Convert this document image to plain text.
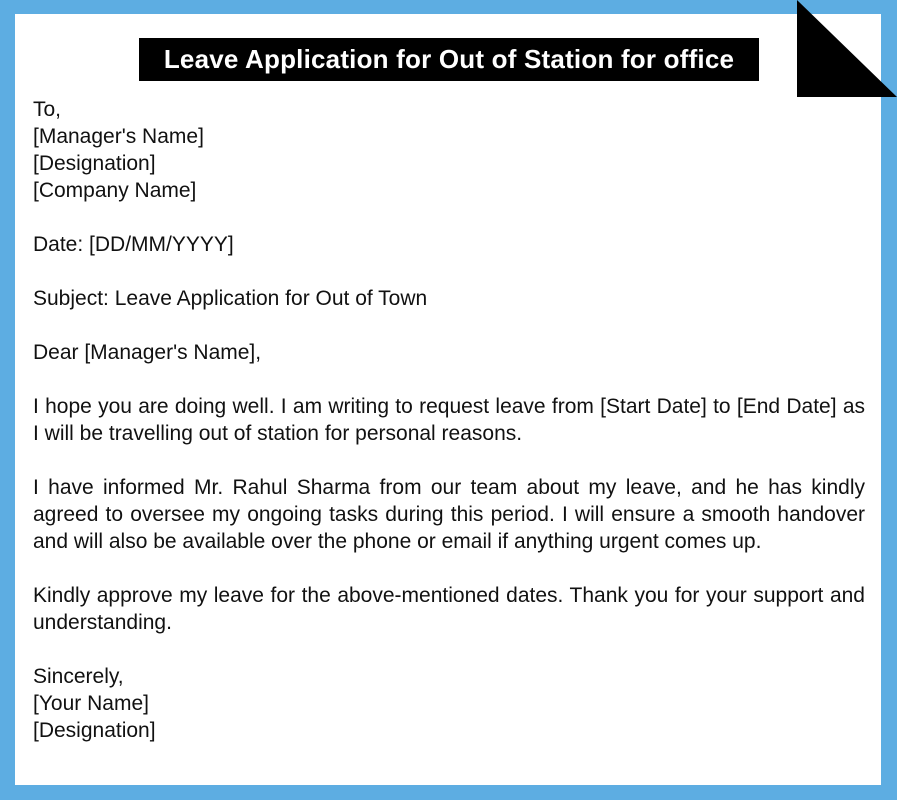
Leave Application for Out of Station for office
To,
[Manager's Name]
[Designation]
[Company Name]
Date: [DD/MM/YYYY]
Subject: Leave Application for Out of Town
Dear [Manager's Name],
I hope you are doing well. I am writing to request leave from [Start Date] to [End Date] as I will be travelling out of station for personal reasons.
I have informed Mr. Rahul Sharma from our team about my leave, and he has kindly agreed to oversee my ongoing tasks during this period. I will ensure a smooth handover and will also be available over the phone or email if anything urgent comes up.
Kindly approve my leave for the above-mentioned dates. Thank you for your support and understanding.
Sincerely,
[Your Name]
[Designation]
